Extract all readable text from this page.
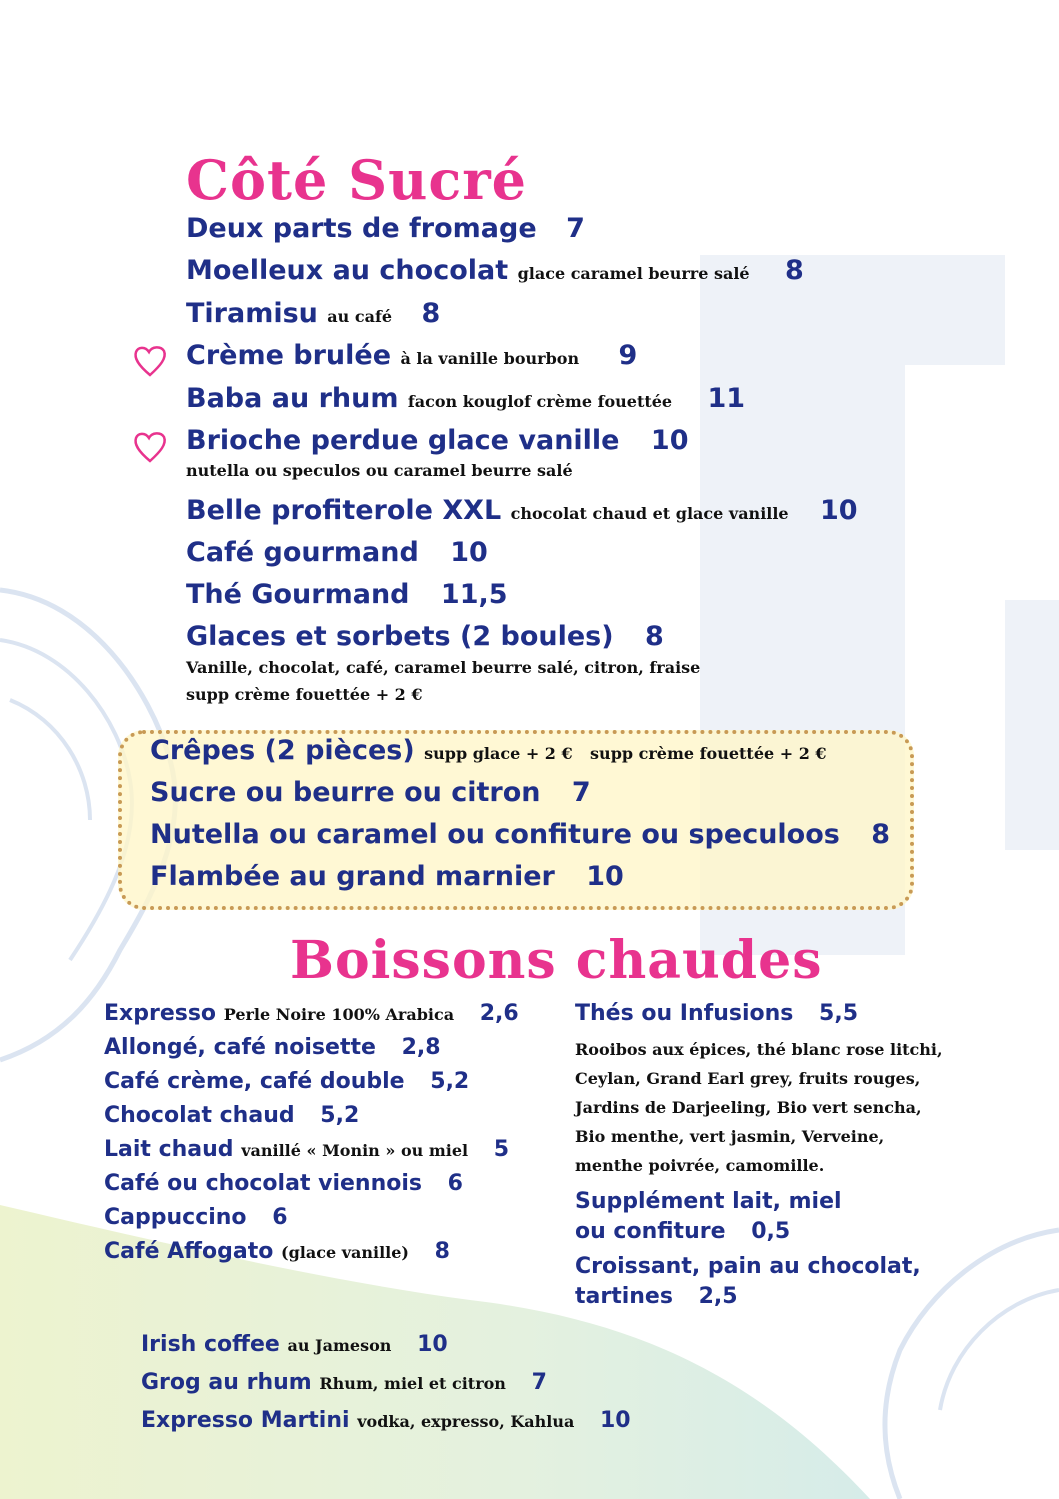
Côté Sucré
Deux parts de fromage 7
Moelleux au chocolat glace caramel beurre salé 8
Tiramisu au café 8
Crème brulée à la vanille bourbon 9
Baba au rhum facon kouglof crème fouettée 11
Brioche perdue glace vanille 10
nutella ou speculos ou caramel beurre salé
Belle profiterole XXL chocolat chaud et glace vanille 10
Café gourmand 10
Thé Gourmand 11,5
Glaces et sorbets (2 boules) 8
Vanille, chocolat, café, caramel beurre salé, citron, fraise
supp crème fouettée + 2 €
Crêpes (2 pièces) supp glace + 2 € supp crème fouettée + 2 €
Sucre ou beurre ou citron 7
Nutella ou caramel ou confiture ou speculoos 8
Flambée au grand marnier 10
Boissons chaudes
Expresso Perle Noire 100% Arabica 2,6
Allongé, café noisette 2,8
Café crème, café double 5,2
Chocolat chaud 5,2
Lait chaud vanillé « Monin » ou miel 5
Café ou chocolat viennois 6
Cappuccino 6
Café Affogato (glace vanille) 8
Thés ou Infusions 5,5
Rooibos aux épices, thé blanc rose litchi,
Ceylan, Grand Earl grey, fruits rouges,
Jardins de Darjeeling, Bio vert sencha,
Bio menthe, vert jasmin, Verveine,
menthe poivrée, camomille.
Supplément lait, miel
ou confiture 0,5
Croissant, pain au chocolat,
tartines 2,5
Irish coffee au Jameson 10
Grog au rhum Rhum, miel et citron 7
Expresso Martini vodka, expresso, Kahlua 10
